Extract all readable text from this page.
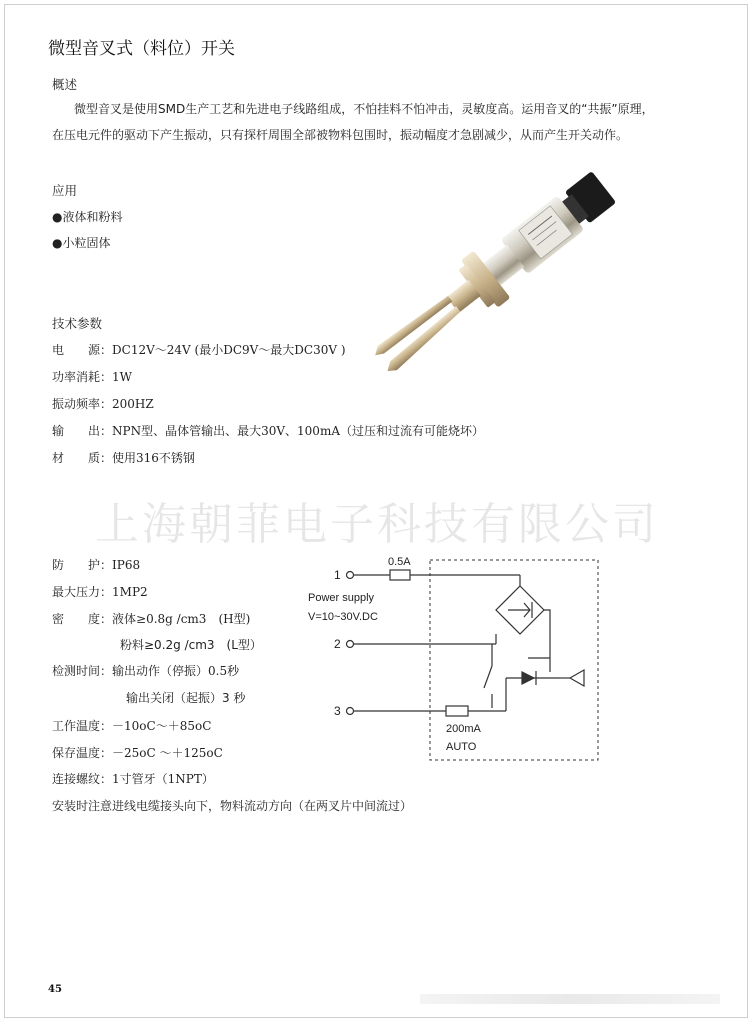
微型音叉式（料位）开关
概述
微型音叉是使用SMD生产工艺和先进电子线路组成，不怕挂料不怕冲击，灵敏度高。运用音叉的“共振”原理，
在压电元件的驱动下产生振动，只有探杆周围全部被物料包围时，振动幅度才急剧减少，从而产生开关动作。
应用
●液体和粉料
●小粒固体
技术参数
电　　源：DC12V～24V (最小DC9V～最大DC30V )
功率消耗：1W
振动频率：200HZ
输　　出：NPN型、晶体管输出、最大30V、100mA（过压和过流有可能烧坏）
材　　质：使用316不锈钢
上海朝菲电子科技有限公司
防　　护：IP68
最大压力：1MP2
密　　度：液体≥0.8g /cm3　(H型)
粉料≥0.2g /cm3　(L型）
检测时间：输出动作（停振）0.5秒
输出关闭（起振）3 秒
工作温度：－10oC～＋85oC
保存温度：－25oC ～＋125oC
连接螺纹：1寸管牙（1NPT）
安装时注意进线电缆接头向下，物料流动方向（在两叉片中间流过）
1
2
3
0.5A
Power supply
V=10~30V.DC
200mA
AUTO
45
